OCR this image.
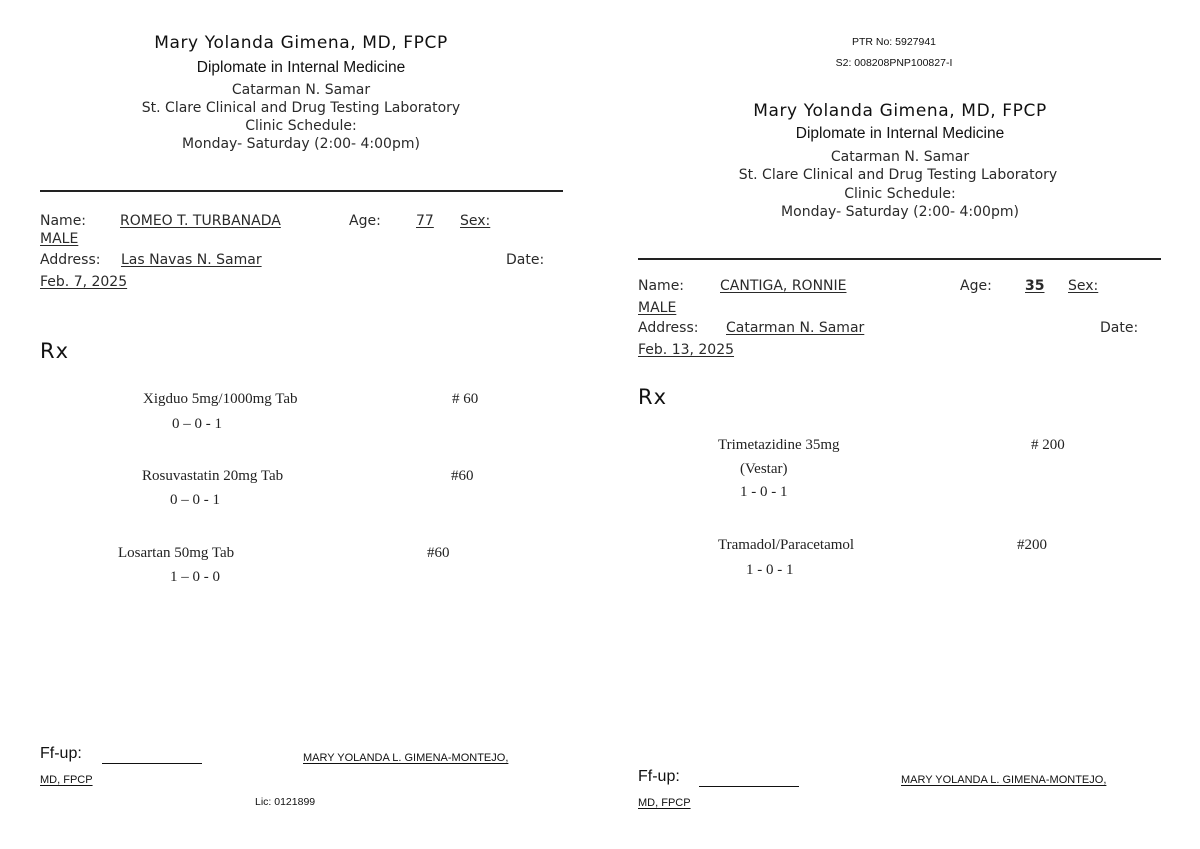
Mary Yolanda Gimena, MD, FPCP
Diplomate in Internal Medicine
Catarman N. Samar
St. Clare Clinical and Drug Testing Laboratory
Clinic Schedule:
Monday- Saturday (2:00- 4:00pm)
Name:	ROMEO T. TURBANADA	Age:	77	Sex:
MALE
Address:	Las Navas N. Samar	Date:
Feb. 7, 2025
Rx
Xigduo 5mg/1000mg Tab	# 60
0 – 0 - 1
Rosuvastatin 20mg Tab	#60
0 – 0 - 1
Losartan 50mg Tab	#60
1 – 0 - 0
Ff-up:	MARY YOLANDA L. GIMENA-MONTEJO,
MD, FPCP
Lic: 0121899
PTR No: 5927941
S2: 008208PNP100827-I
Mary Yolanda Gimena, MD, FPCP
Diplomate in Internal Medicine
Catarman N. Samar
St. Clare Clinical and Drug Testing Laboratory
Clinic Schedule:
Monday- Saturday (2:00- 4:00pm)
Name:	CANTIGA, RONNIE	Age:	35	Sex:
MALE
Address:	Catarman N. Samar	Date:
Feb. 13, 2025
Rx
Trimetazidine 35mg	# 200
(Vestar)
1 - 0 - 1
Tramadol/Paracetamol	#200
1 - 0 - 1
Ff-up:	MARY YOLANDA L. GIMENA-MONTEJO,
MD, FPCP
